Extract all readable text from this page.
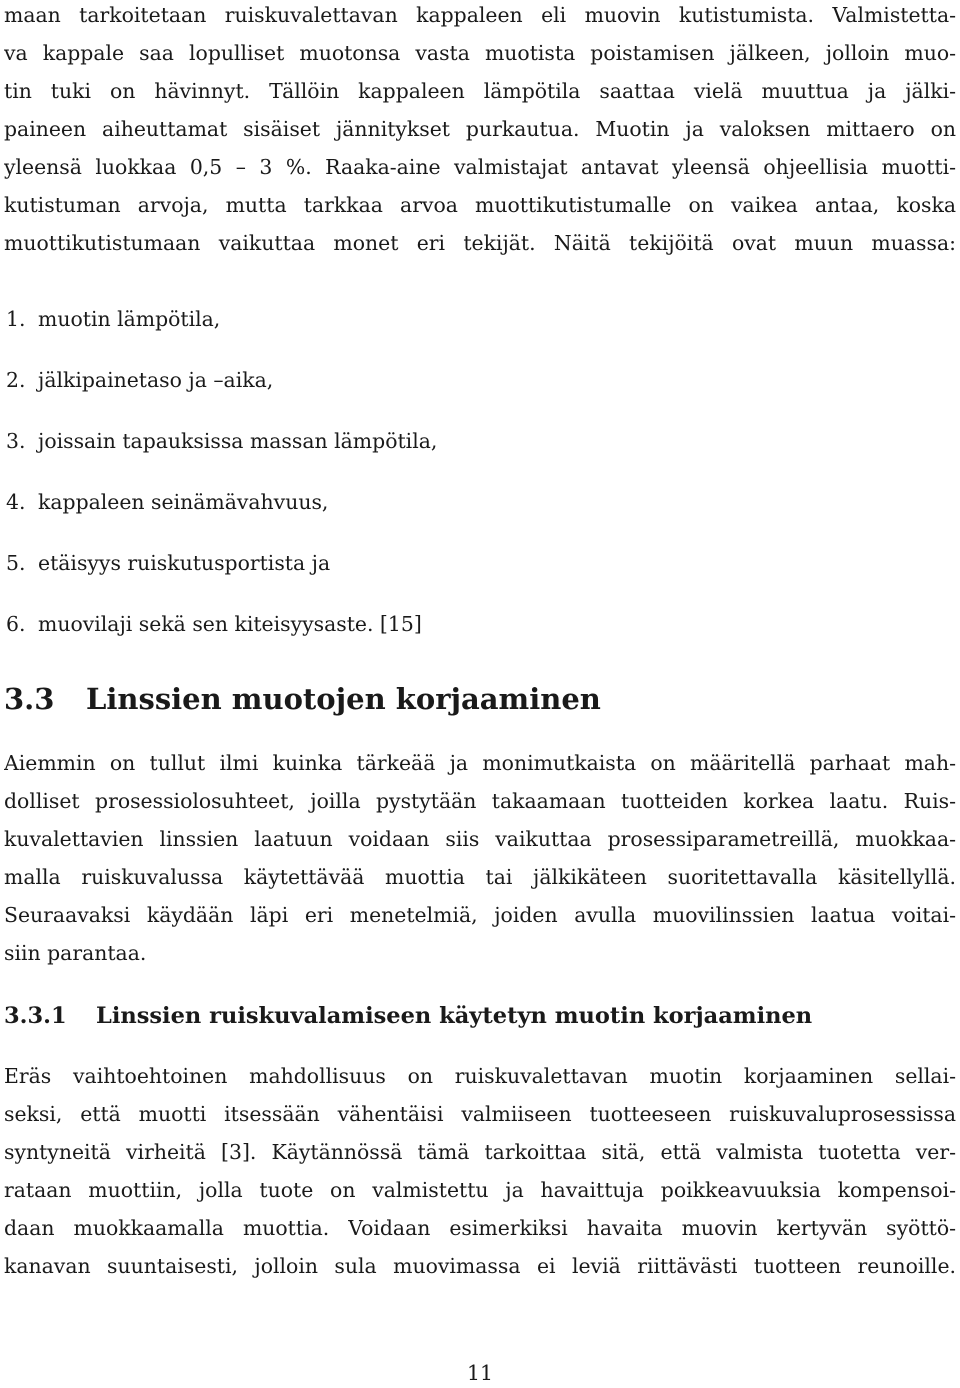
maan tarkoitetaan ruiskuvalettavan kappaleen eli muovin kutistumista. Valmistetta-
va kappale saa lopulliset muotonsa vasta muotista poistamisen jälkeen, jolloin muo-
tin tuki on hävinnyt. Tällöin kappaleen lämpötila saattaa vielä muuttua ja jälki-
paineen aiheuttamat sisäiset jännitykset purkautua. Muotin ja valoksen mittaero on
yleensä luokkaa 0,5 – 3 %. Raaka-aine valmistajat antavat yleensä ohjeellisia muotti-
kutistuman arvoja, mutta tarkkaa arvoa muottikutistumalle on vaikea antaa, koska
muottikutistumaan vaikuttaa monet eri tekijät. Näitä tekijöitä ovat muun muassa:
1. muotin lämpötila,
2. jälkipainetaso ja –aika,
3. joissain tapauksissa massan lämpötila,
4. kappaleen seinämävahvuus,
5. etäisyys ruiskutusportista ja
6. muovilaji sekä sen kiteisyysaste. [15]
3.3 Linssien muotojen korjaaminen
Aiemmin on tullut ilmi kuinka tärkeää ja monimutkaista on määritellä parhaat mah-
dolliset prosessiolosuhteet, joilla pystytään takaamaan tuotteiden korkea laatu. Ruis-
kuvalettavien linssien laatuun voidaan siis vaikuttaa prosessiparametreillä, muokkaa-
malla ruiskuvalussa käytettävää muottia tai jälkikäteen suoritettavalla käsitellyllä.
Seuraavaksi käydään läpi eri menetelmiä, joiden avulla muovilinssien laatua voitai-
siin parantaa.
3.3.1 Linssien ruiskuvalamiseen käytetyn muotin korjaaminen
Eräs vaihtoehtoinen mahdollisuus on ruiskuvalettavan muotin korjaaminen sellai-
seksi, että muotti itsessään vähentäisi valmiiseen tuotteeseen ruiskuvaluprosessissa
syntyneitä virheitä [3]. Käytännössä tämä tarkoittaa sitä, että valmista tuotetta ver-
rataan muottiin, jolla tuote on valmistettu ja havaittuja poikkeavuuksia kompensoi-
daan muokkaamalla muottia. Voidaan esimerkiksi havaita muovin kertyvän syöttö-
kanavan suuntaisesti, jolloin sula muovimassa ei leviä riittävästi tuotteen reunoille.
11
